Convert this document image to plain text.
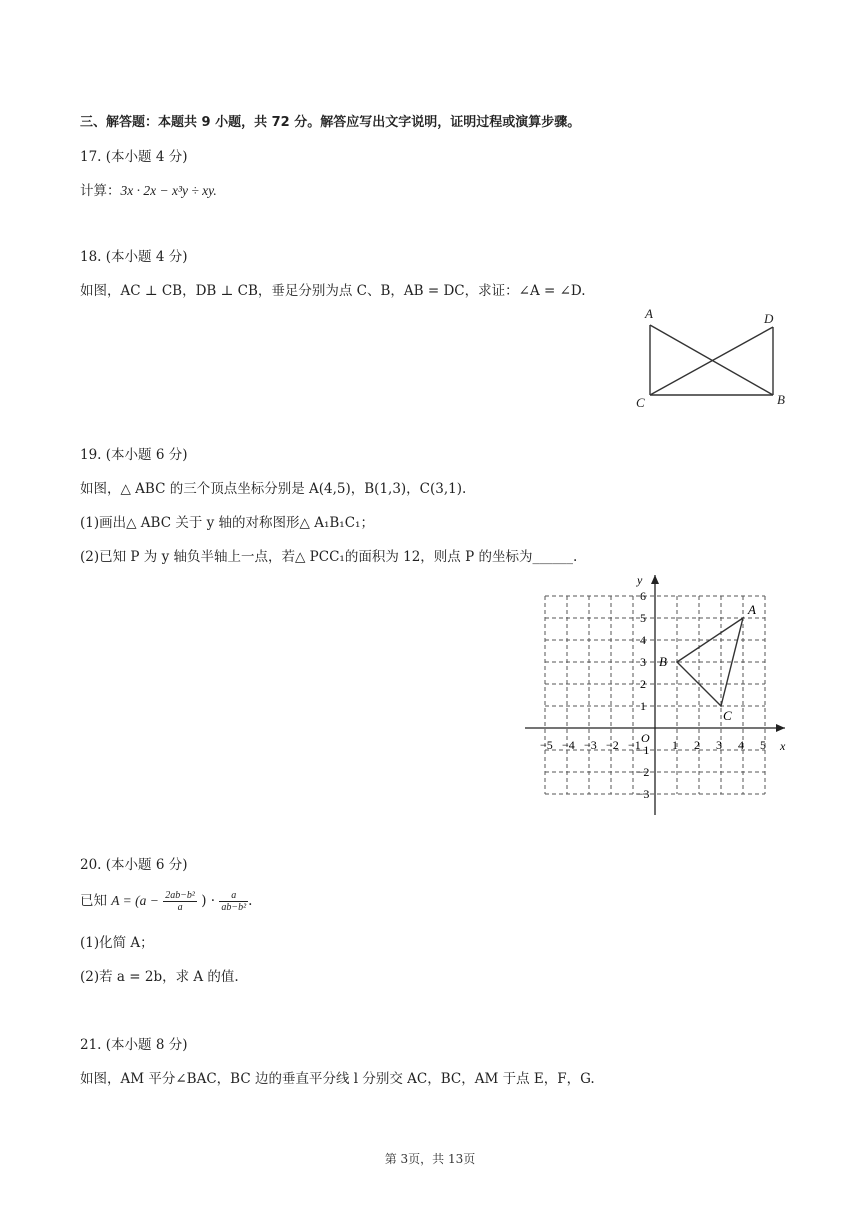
三、解答题：本题共 9 小题，共 72 分。解答应写出文字说明，证明过程或演算步骤。
17. (本小题 4 分)
计算：3x · 2x − x³y ÷ xy.
18. (本小题 4 分)
如图，AC ⊥ CB，DB ⊥ CB，垂足分别为点 C、B，AB = DC，求证：∠A = ∠D.
A	D
C	B
19. (本小题 6 分)
如图，△ ABC 的三个顶点坐标分别是 A(4,5)，B(1,3)，C(3,1).
(1)画出△ ABC 关于 y 轴的对称图形△ A₁B₁C₁；
(2)已知 P 为 y 轴负半轴上一点，若△ PCC₁的面积为 12，则点 P 的坐标为______.
x
y
O
−5 −4 −3 −2 −1	1 2 3 4 5
6
5
4
3
2
1
−1
−2
−3
A
B
C
20. (本小题 6 分)
已知 $A = (a - \frac{\text{2ab−b²}}{a}$ ) · $\frac{a}{\text{ab−b²}}$ .
(1)化简 A；
(2)若 a = 2b，求 A 的值.
21. (本小题 8 分)
如图，AM 平分∠BAC，BC 边的垂直平分线 l 分别交 AC，BC，AM 于点 E，F，G.
第 3页，共 13页
